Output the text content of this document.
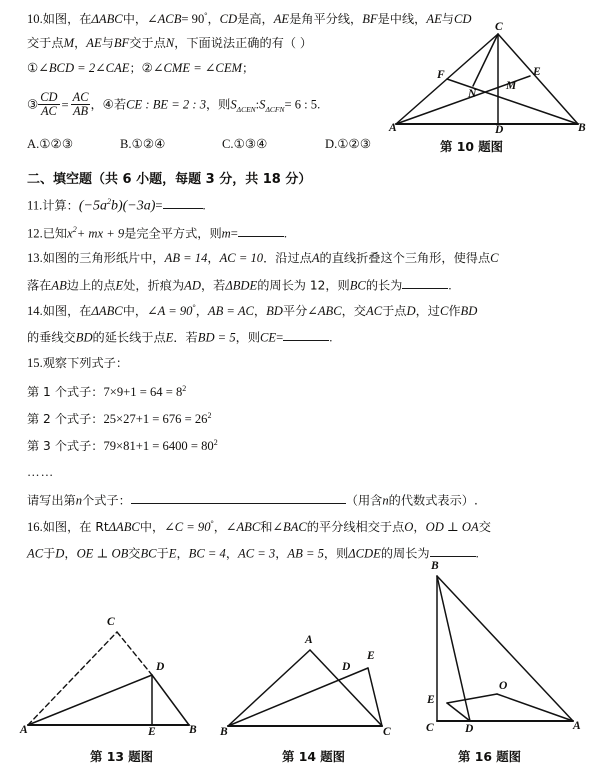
10.如图，在ΔABC中，∠ACB= 90°，CD是高，AE是角平分线，BF是中线，AE与CD
交于点M，AE与BF交于点N，下面说法正确的有（ ）
①∠BCD = 2∠CAE；②∠CME = ∠CEM；
③ $\frac{CD}{AC} = \frac{AC}{AB}$ ，④若CE : BE = 2 : 3，则$S_{\Delta CEN}:S_{\Delta CFN}= 6$ : 5.
A.①②③	B.①②④	C.①③④	D.①②③
A	B
C
D
E
F
M
N
第 10 题图
二、填空题（共 6 小题，每题 3 分，共 18 分）
11.计算：$(-5a^2b)(-3a)=$	.
12.已知$x^2+$ mx + 9是完全平方式，则m=	.
13.如图的三角形纸片中，AB = 14，AC = 10．沿过点A的直线折叠这个三角形，使得点C
落在AB边上的点E处，折痕为AD，若ΔBDE的周长为 12，则BC的长为	.
14.如图，在ΔABC中，∠A = 90°，AB = AC，BD平分∠ABC，交AC于点D，过C作BD
的垂线交BD的延长线于点E．若BD = 5，则CE=	.
15.观察下列式子：
第 1 个式子：$7\times 9+1 = 64 = 8^2$
第 2 个式子：$25\times 27+1 = 676 = 26^2$
第 3 个式子：$79\times 81+1 = 6400 = 80^2$
……
请写出第n个式子：	（用含n的代数式表示）.
16.如图，在 RtΔABC中，∠C = 90°，∠ABC和∠BAC的平分线相交于点O，OD ⊥ OA交
AC于D，OE ⊥ OB交BC于E，BC = 4，AC = 3，AB = 5，则ΔCDE的周长为	.
A	B
C
D
E
第 13 题图
A
B	C
D
E
第 14 题图
B
C	A
D
E
O
第 16 题图
